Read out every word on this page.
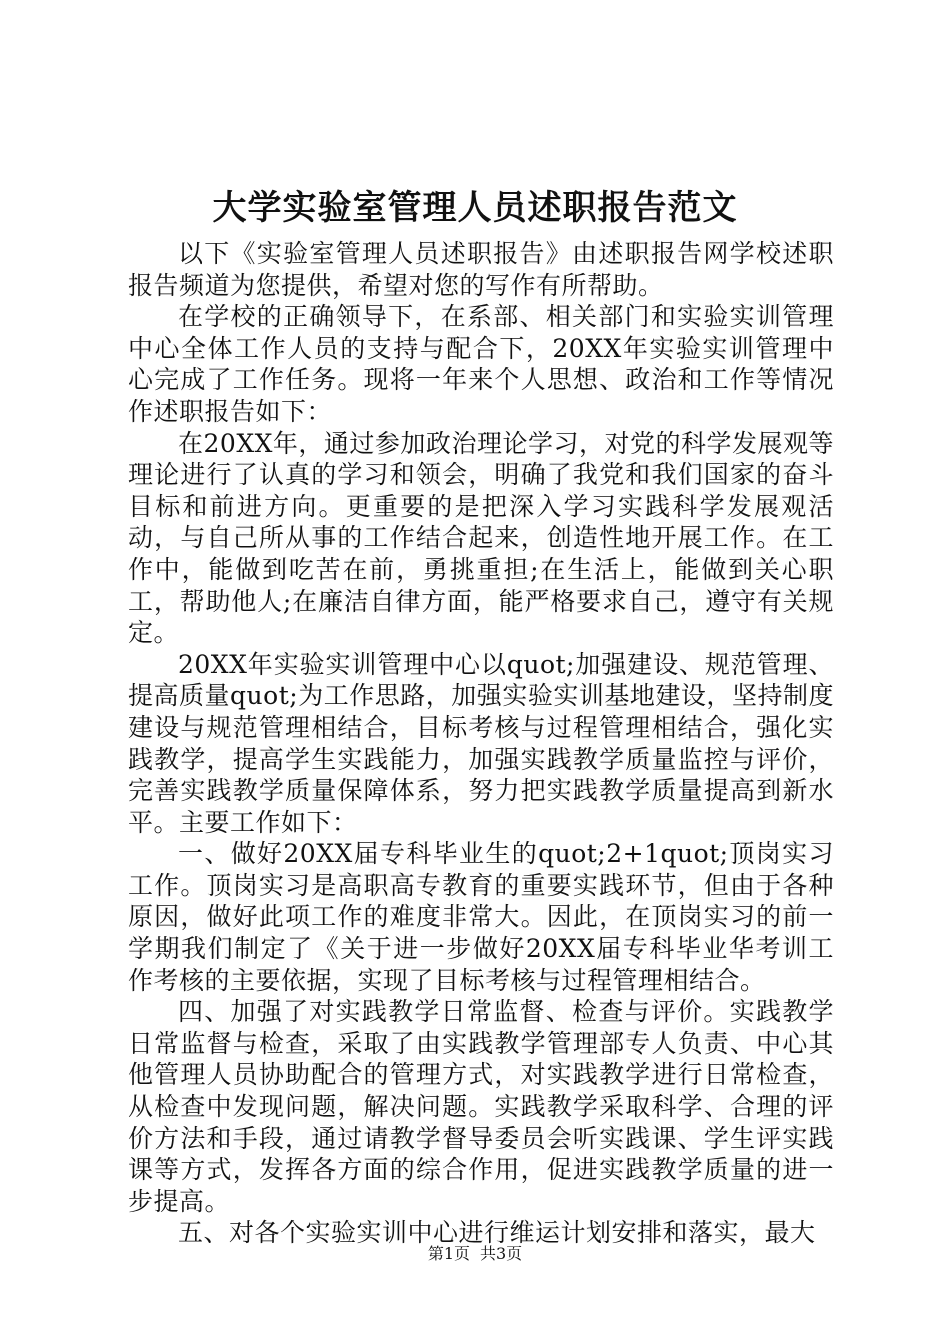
大学实验室管理人员述职报告范文

以下《实验室管理人员述职报告》由述职报告网学校述职报告频道为您提供，希望对您的写作有所帮助。

在学校的正确领导下，在系部、相关部门和实验实训管理中心全体工作人员的支持与配合下，20XX年实验实训管理中心完成了工作任务。现将一年来个人思想、政治和工作等情况作述职报告如下：

在20XX年，通过参加政治理论学习，对党的科学发展观等理论进行了认真的学习和领会，明确了我党和我们国家的奋斗目标和前进方向。更重要的是把深入学习实践科学发展观活动，与自己所从事的工作结合起来，创造性地开展工作。在工作中，能做到吃苦在前，勇挑重担;在生活上，能做到关心职工，帮助他人;在廉洁自律方面，能严格要求自己，遵守有关规定。

20XX年实验实训管理中心以quot;加强建设、规范管理、提高质量quot;为工作思路，加强实验实训基地建设，坚持制度建设与规范管理相结合，目标考核与过程管理相结合，强化实践教学，提高学生实践能力，加强实践教学质量监控与评价，完善实践教学质量保障体系，努力把实践教学质量提高到新水平。主要工作如下：

一、做好20XX届专科毕业生的quot;2+1quot;顶岗实习工作。顶岗实习是高职高专教育的重要实践环节，但由于各种原因，做好此项工作的难度非常大。因此，在顶岗实习的前一学期我们制定了《关于进一步做好20XX届专科毕业华考训工作考核的主要依据，实现了目标考核与过程管理相结合。

四、加强了对实践教学日常监督、检查与评价。实践教学日常监督与检查，采取了由实践教学管理部专人负责、中心其他管理人员协助配合的管理方式，对实践教学进行日常检查，从检查中发现问题，解决问题。实践教学采取科学、合理的评价方法和手段，通过请教学督导委员会听实践课、学生评实践课等方式，发挥各方面的综合作用，促进实践教学质量的进一步提高。

五、对各个实验实训中心进行维运计划安排和落实，最大

第1页 共3页
